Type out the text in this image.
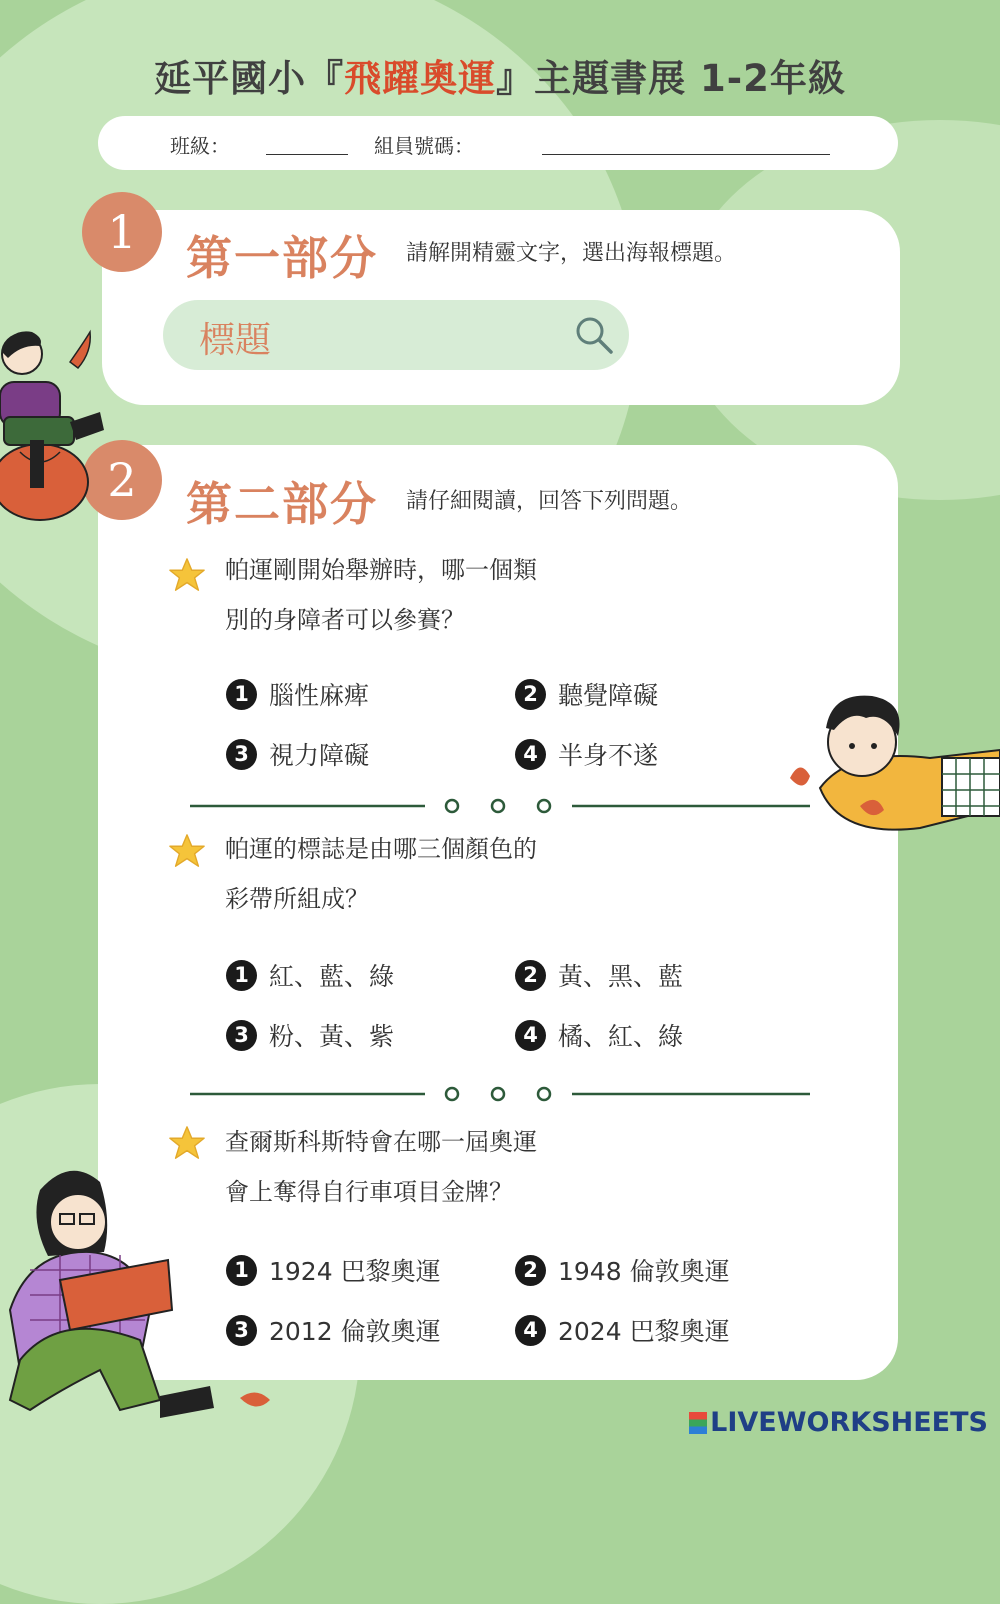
延平國小『飛躍奧運』主題書展 1-2年級
班級：	組員號碼：
1	第一部分 請解開精靈文字，選出海報標題。
標題
2	第二部分 請仔細閱讀，回答下列問題。
帕運剛開始舉辦時，哪一個類
別的身障者可以參賽？
1 腦性麻痺	2 聽覺障礙
3 視力障礙	4 半身不遂
帕運的標誌是由哪三個顏色的
彩帶所組成？
1 紅、藍、綠	2 黃、黑、藍
3 粉、黃、紫	4 橘、紅、綠
查爾斯科斯特會在哪一屆奧運
會上奪得自行車項目金牌？
1 1924 巴黎奧運	2 1948 倫敦奧運
3 2012 倫敦奧運	4 2024 巴黎奧運
LIVEWORKSHEETS
